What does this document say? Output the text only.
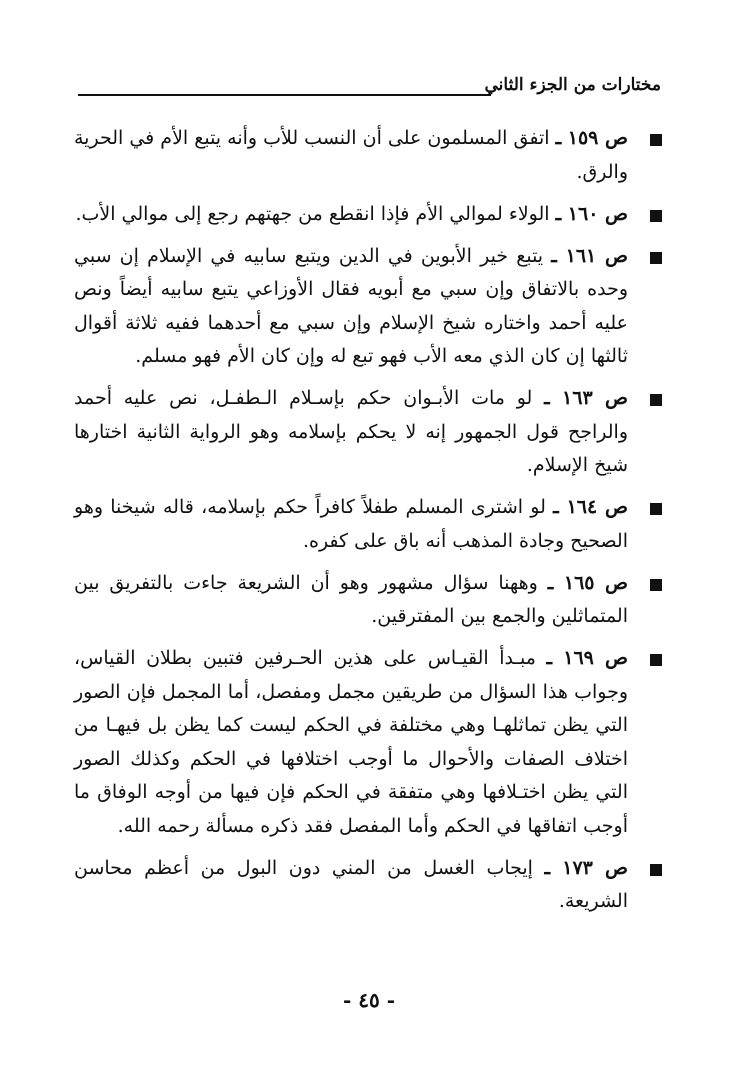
مختارات من الجزء الثاني
ص ١٥٩ ـ اتفق المسلمون على أن النسب للأب وأنه يتبع الأم في الحرية والرق.
ص ١٦٠ ـ الولاء لموالي الأم فإذا انقطع من جهتهم رجع إلى موالي الأب.
ص ١٦١ ـ يتبع خير الأبوين في الدين ويتبع سابيه في الإسلام إن سبي وحده بالاتفاق وإن سبي مع أبويه فقال الأوزاعي يتبع سابيه أيضاً ونص عليه أحمد واختاره شيخ الإسلام وإن سبي مع أحدهما ففيه ثلاثة أقوال ثالثها إن كان الذي معه الأب فهو تبع له وإن كان الأم فهو مسلم.
ص ١٦٣ ـ لو مات الأبـوان حكم بإسـلام الـطفـل، نص عليه أحمد والراجح قول الجمهور إنه لا يحكم بإسلامه وهو الرواية الثانية اختارها شيخ الإسلام.
ص ١٦٤ ـ لو اشترى المسلم طفلاً كافراً حكم بإسلامه، قاله شيخنا وهو الصحيح وجادة المذهب أنه باق على كفره.
ص ١٦٥ ـ وههنا سؤال مشهور وهو أن الشريعة جاءت بالتفريق بين المتماثلين والجمع بين المفترقين.
ص ١٦٩ ـ مبـدأ القيـاس على هذين الحـرفين فتبين بطلان القياس، وجواب هذا السؤال من طريقين مجمل ومفصل، أما المجمل فإن الصور التي يظن تماثلهـا وهي مختلفة في الحكم ليست كما يظن بل فيهـا من اختلاف الصفات والأحوال ما أوجب اختلافها في الحكم وكذلك الصور التي يظن اختـلافها وهي متفقة في الحكم فإن فيها من أوجه الوفاق ما أوجب اتفاقها في الحكم وأما المفصل فقد ذكره مسألة رحمه الله.
ص ١٧٣ ـ إيجاب الغسل من المني دون البول من أعظم محاسن الشريعة.
- ٤٥ -
